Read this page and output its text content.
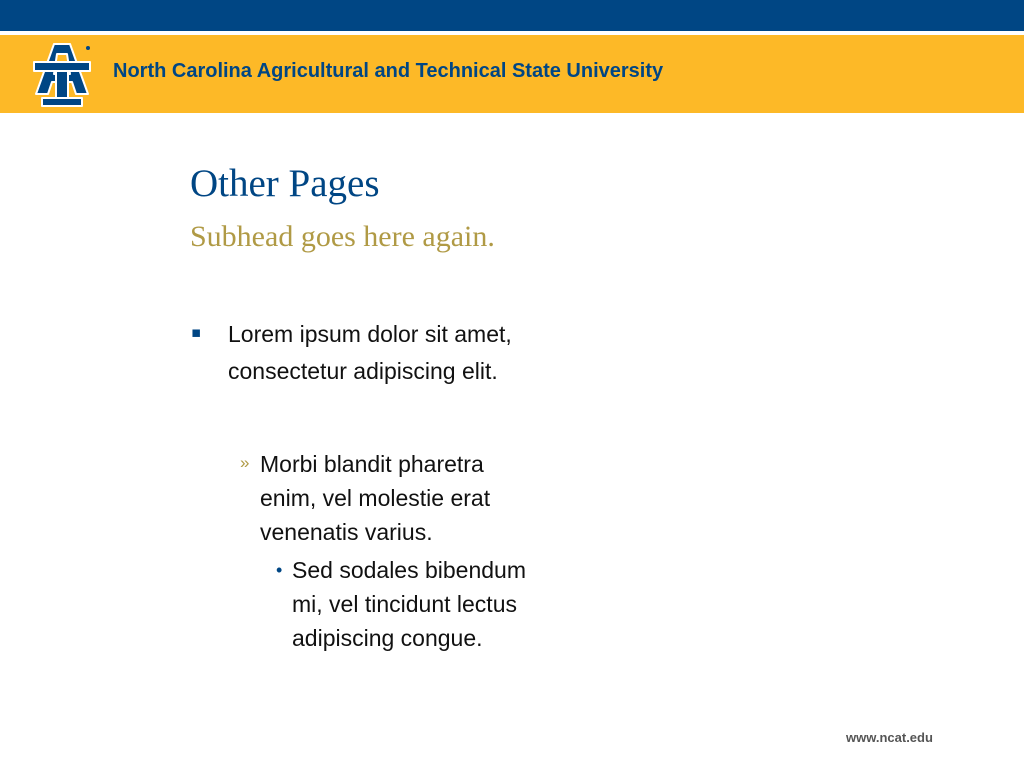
North Carolina Agricultural and Technical State University
Other Pages
Subhead goes here again.
▪ Lorem ipsum dolor sit amet, consectetur adipiscing elit.
» Morbi blandit pharetra enim, vel molestie erat venenatis varius.
• Sed sodales bibendum mi, vel tincidunt lectus adipiscing congue.
www.ncat.edu
